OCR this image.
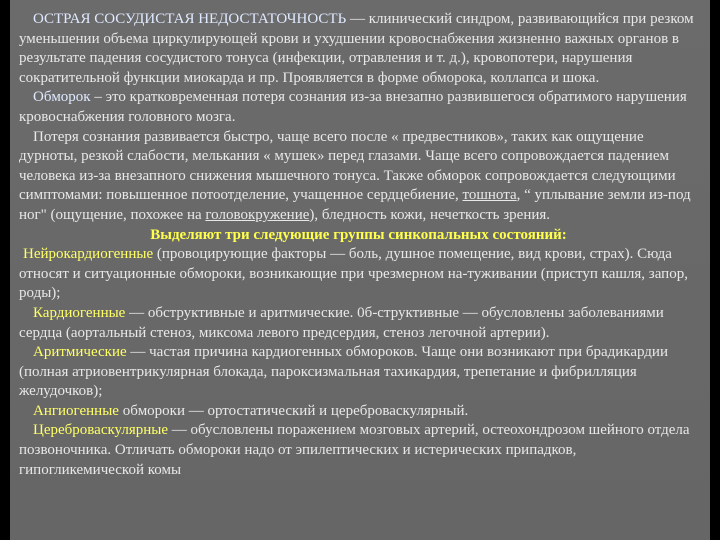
ОСТРАЯ СОСУДИСТАЯ НЕДОСТАТОЧНОСТЬ — клинический синдром, развивающийся при резком уменьшении объема циркулирующей крови и ухудшении кровоснабжения жизненно важных органов в результате падения сосудистого тонуса (инфекции, отравления и т. д.), кровопотери, нарушения сократительной функции миокарда и пр. Проявляется в форме обморока, коллапса и шока.

Обморок – это кратковременная потеря сознания из-за внезапно развившегося обратимого нарушения кровоснабжения головного мозга.

Потеря сознания развивается быстро, чаще всего после « предвестников», таких как ощущение дурноты, резкой слабости, мелькания « мушек» перед глазами. Чаще всего сопровождается падением человека из-за внезапного снижения мышечного тонуса. Также обморок сопровождается следующими симптомами: повышенное потоотделение, учащенное сердцебиение, тошнота, “ уплывание земли из-под ног" (ощущение, похожее на головокружение), бледность кожи, нечеткость зрения.

Выделяют три следующие группы синкопальных состояний:

Нейрокардиогенные (провоцирующие факторы — боль, душное помещение, вид крови, страх). Сюда относят и ситуационные обмороки, возникающие при чрезмерном на-туживании (приступ кашля, запор, роды);

Кардиогенные — обструктивные и аритмические. 0б-структивные — обусловлены заболеваниями сердца (аортальный стеноз, миксома левого предсердия, стеноз легочной артерии).

Аритмические — частая причина кардиогенных обмороков. Чаще они возникают при брадикардии (полная атриовентрикулярная блокада, пароксизмальная тахикардия, трепетание и фибрилляция желудочков);

Ангиогенные обмороки — ортостатический и цереброваскулярный.

Цереброваскулярные — обусловлены поражением мозговых артерий, остеохондрозом шейного отдела позвоночника. Отличать обмороки надо от эпилептических и истерических припадков, гипогликемической комы
